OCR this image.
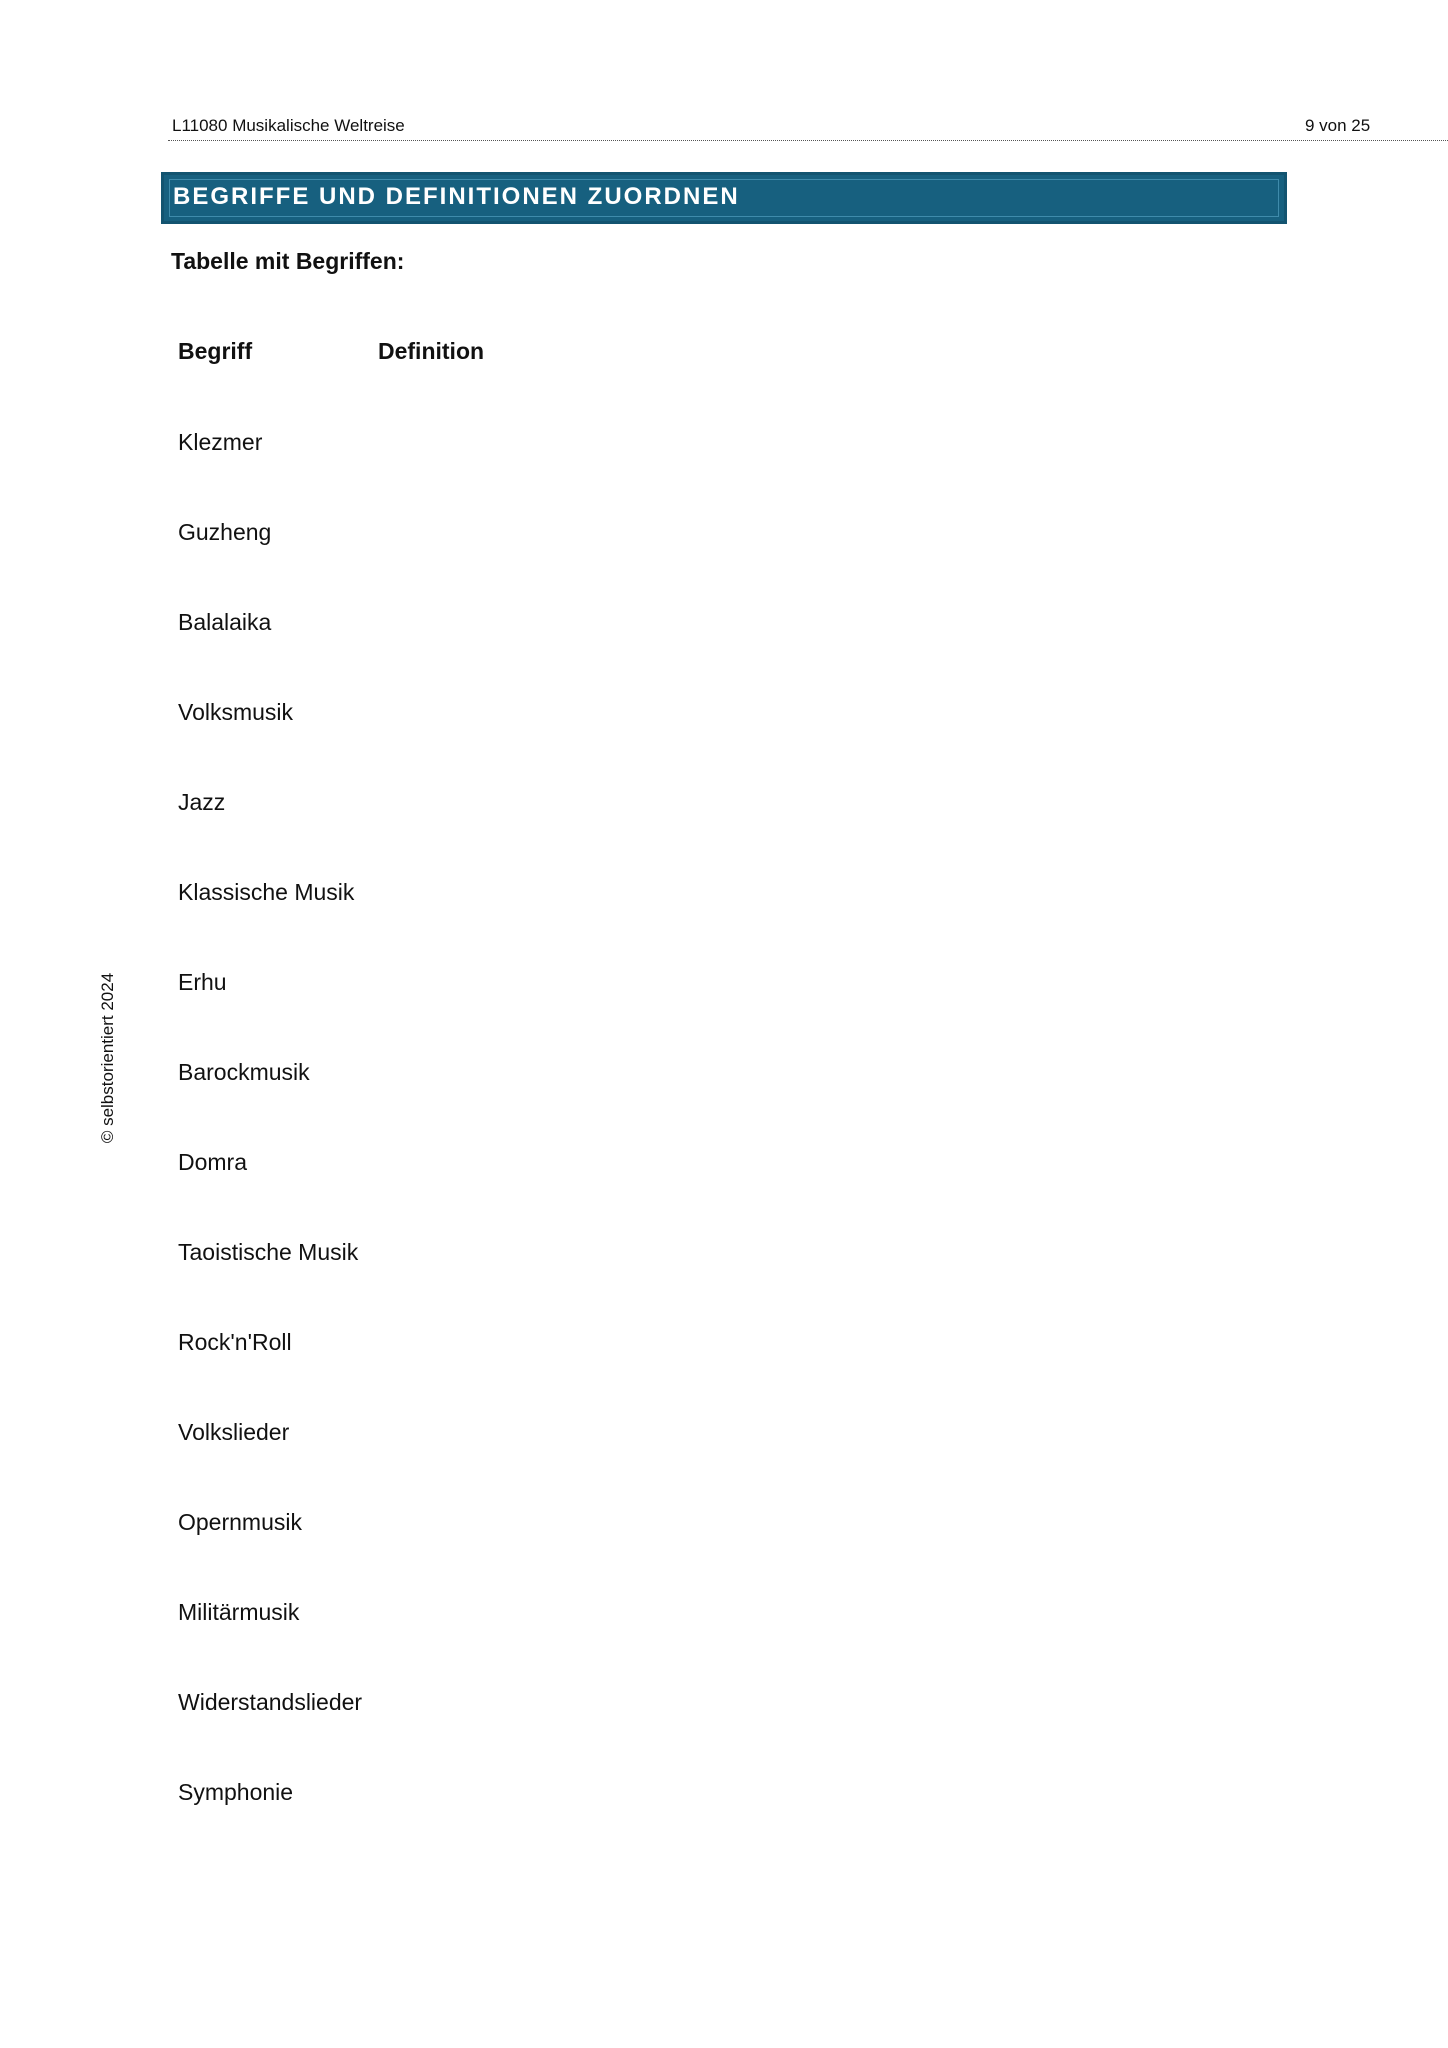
L11080 Musikalische Weltreise	9 von 25
BEGRIFFE UND DEFINITIONEN ZUORDNEN
Tabelle mit Begriffen:
Begriff	Definition
Klezmer
Guzheng
Balalaika
Volksmusik
Jazz
Klassische Musik
Erhu
Barockmusik
Domra
Taoistische Musik
Rock'n'Roll
Volkslieder
Opernmusik
Militärmusik
Widerstandslieder
Symphonie
© selbstorientiert 2024
